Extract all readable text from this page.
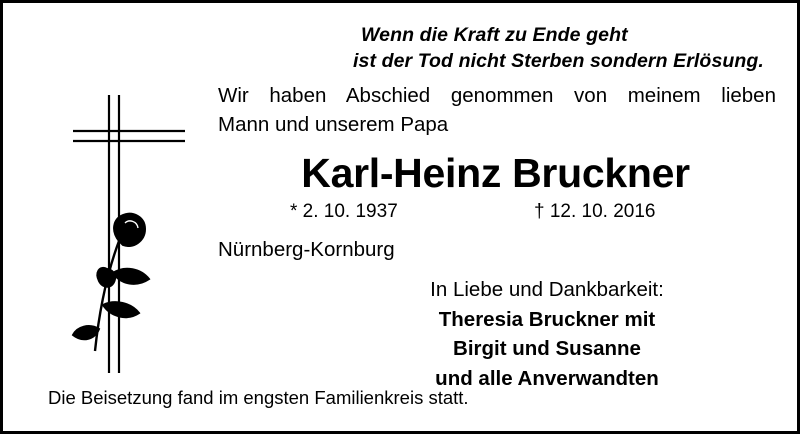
Wenn die Kraft zu Ende geht
ist der Tod nicht Sterben sondern Erlösung.
Wir haben Abschied genommen von meinem lieben
Mann und unserem Papa
Karl-Heinz Bruckner
* 2. 10. 1937	† 12. 10. 2016
Nürnberg-Kornburg
In Liebe und Dankbarkeit:
Theresia Bruckner mit
Birgit und Susanne
und alle Anverwandten
Die Beisetzung fand im engsten Familienkreis statt.
